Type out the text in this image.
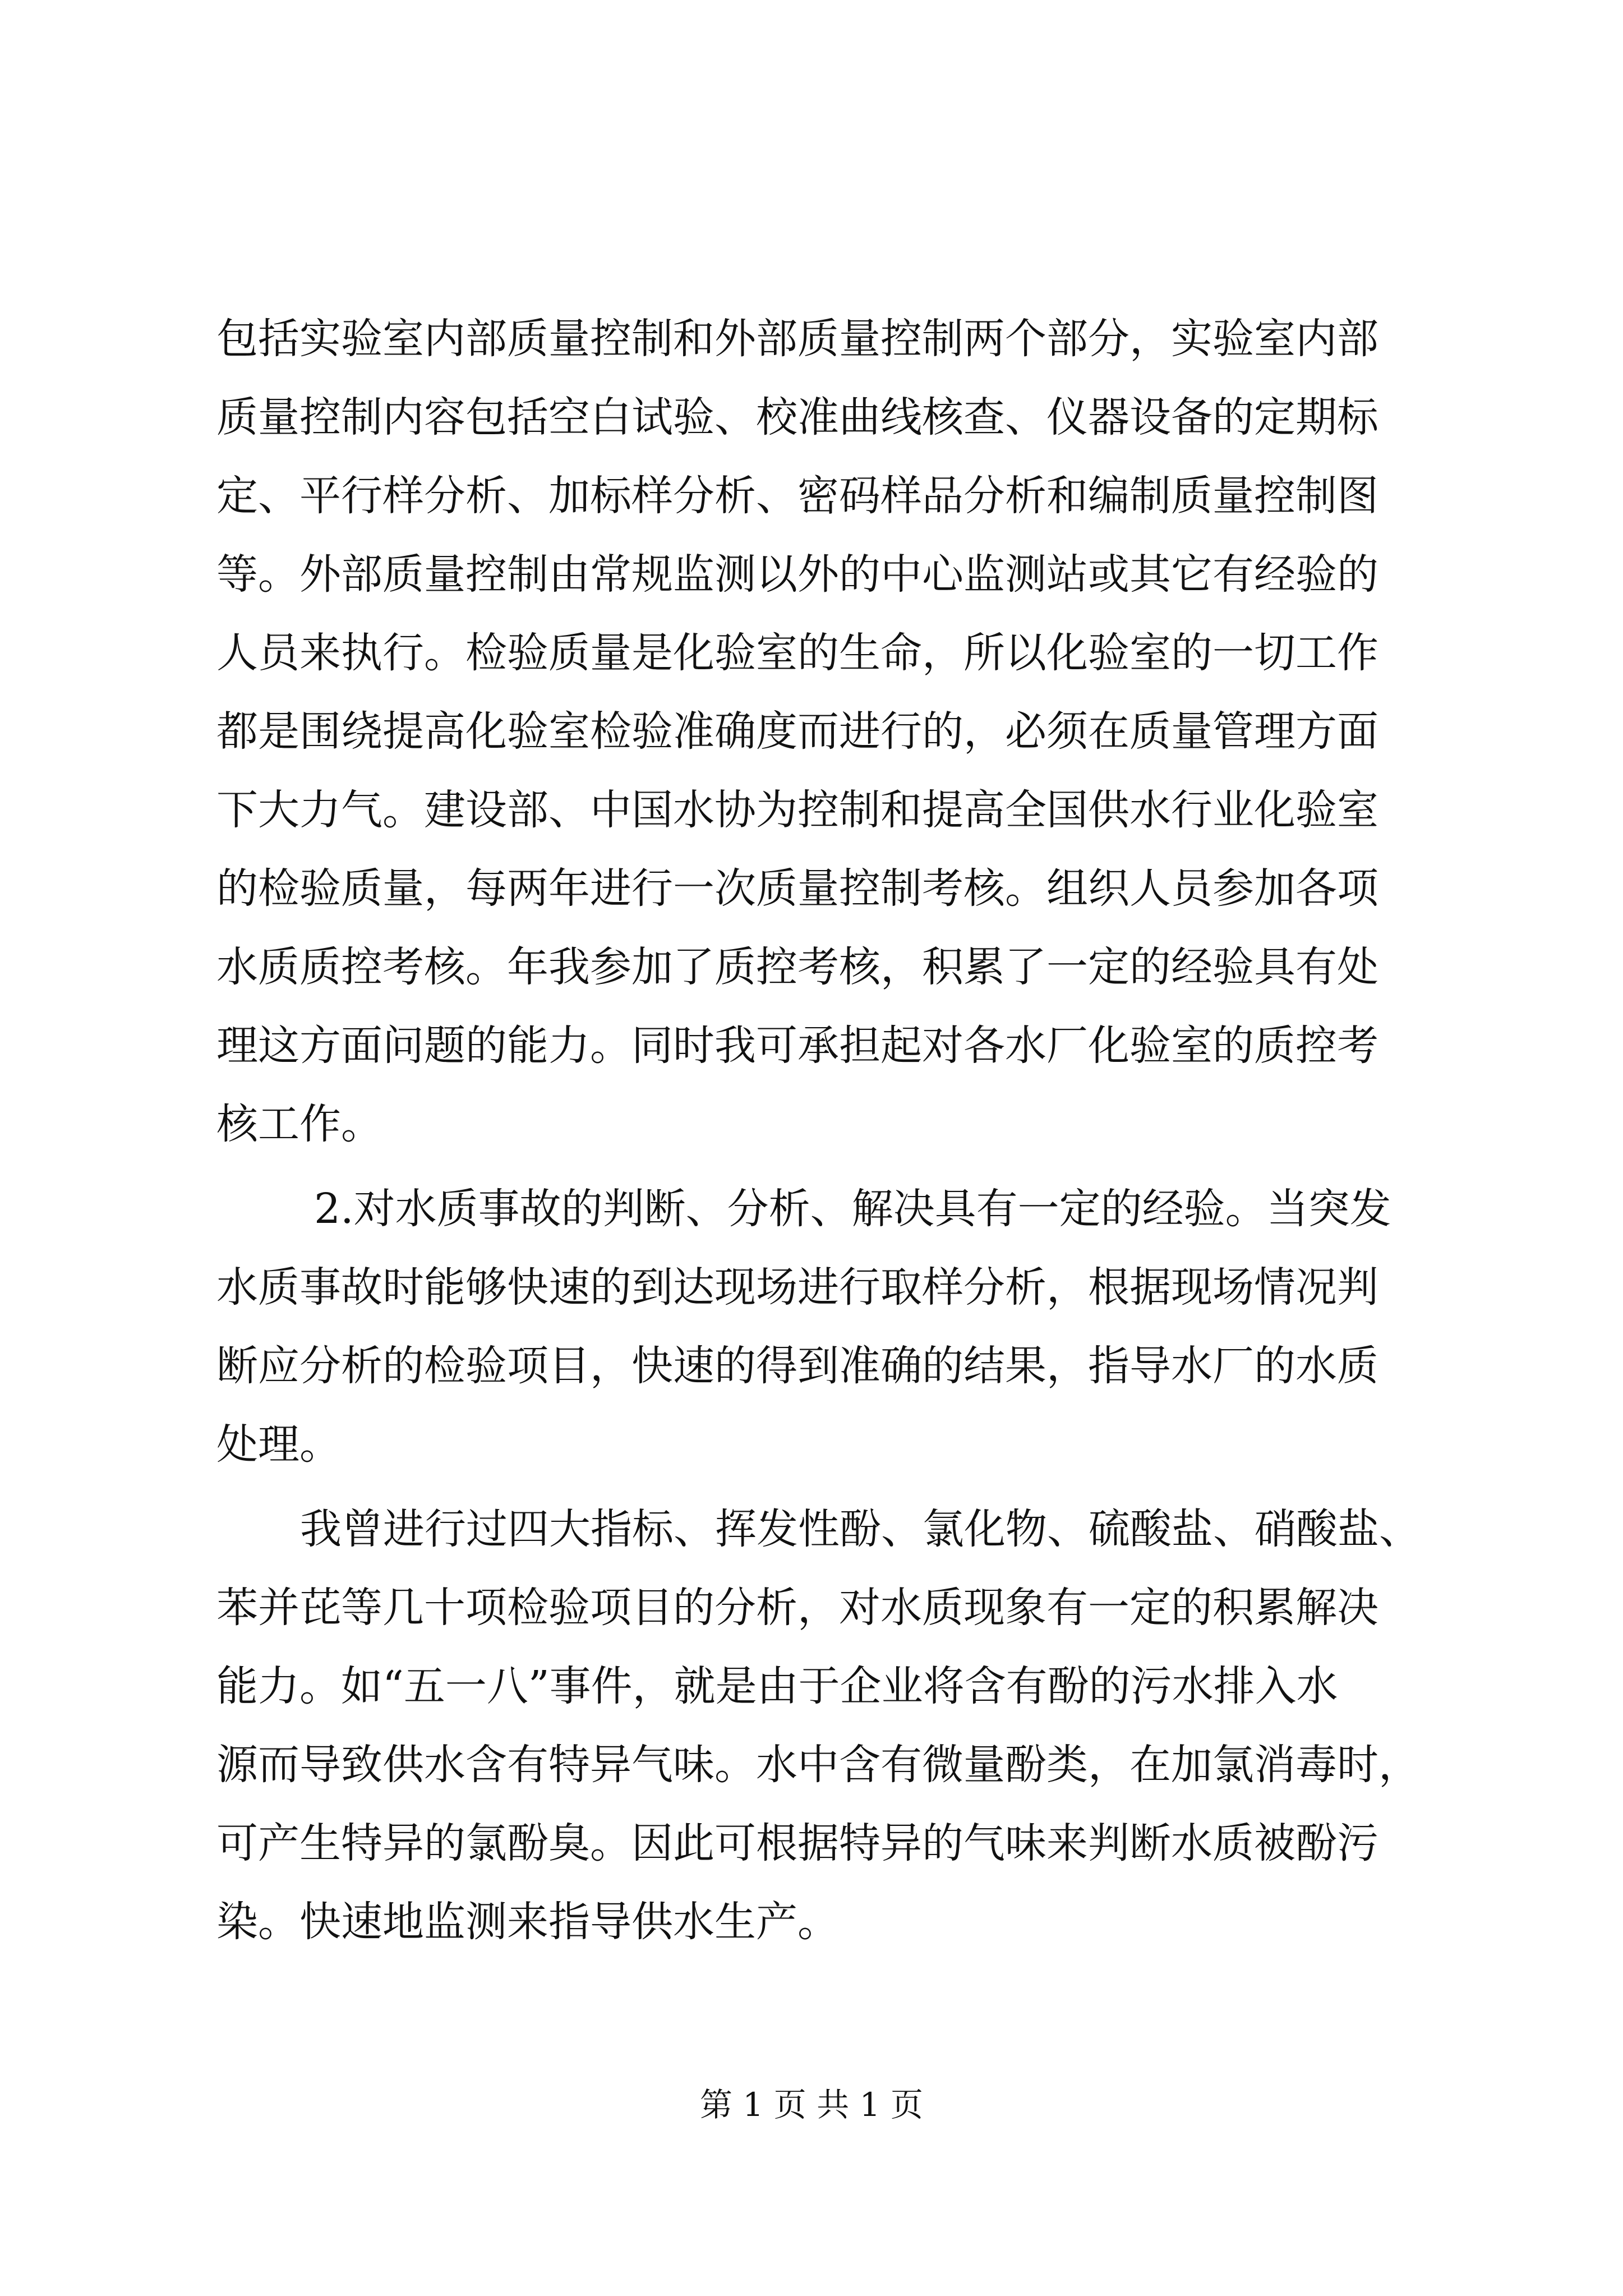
包括实验室内部质量控制和外部质量控制两个部分，实验室内部
质量控制内容包括空白试验、校准曲线核查、仪器设备的定期标
定、平行样分析、加标样分析、密码样品分析和编制质量控制图
等。外部质量控制由常规监测以外的中心监测站或其它有经验的
人员来执行。检验质量是化验室的生命，所以化验室的一切工作
都是围绕提高化验室检验准确度而进行的，必须在质量管理方面
下大力气。建设部、中国水协为控制和提高全国供水行业化验室
的检验质量，每两年进行一次质量控制考核。组织人员参加各项
水质质控考核。年我参加了质控考核，积累了一定的经验具有处
理这方面问题的能力。同时我可承担起对各水厂化验室的质控考
核工作。
2.对水质事故的判断、分析、解决具有一定的经验。当突发
水质事故时能够快速的到达现场进行取样分析，根据现场情况判
断应分析的检验项目，快速的得到准确的结果，指导水厂的水质
处理。
我曾进行过四大指标、挥发性酚、氯化物、硫酸盐、硝酸盐、
苯并芘等几十项检验项目的分析，对水质现象有一定的积累解决
能力。如“五一八”事件，就是由于企业将含有酚的污水排入水
源而导致供水含有特异气味。水中含有微量酚类，在加氯消毒时，
可产生特异的氯酚臭。因此可根据特异的气味来判断水质被酚污
染。快速地监测来指导供水生产。
第 1 页 共 1 页
